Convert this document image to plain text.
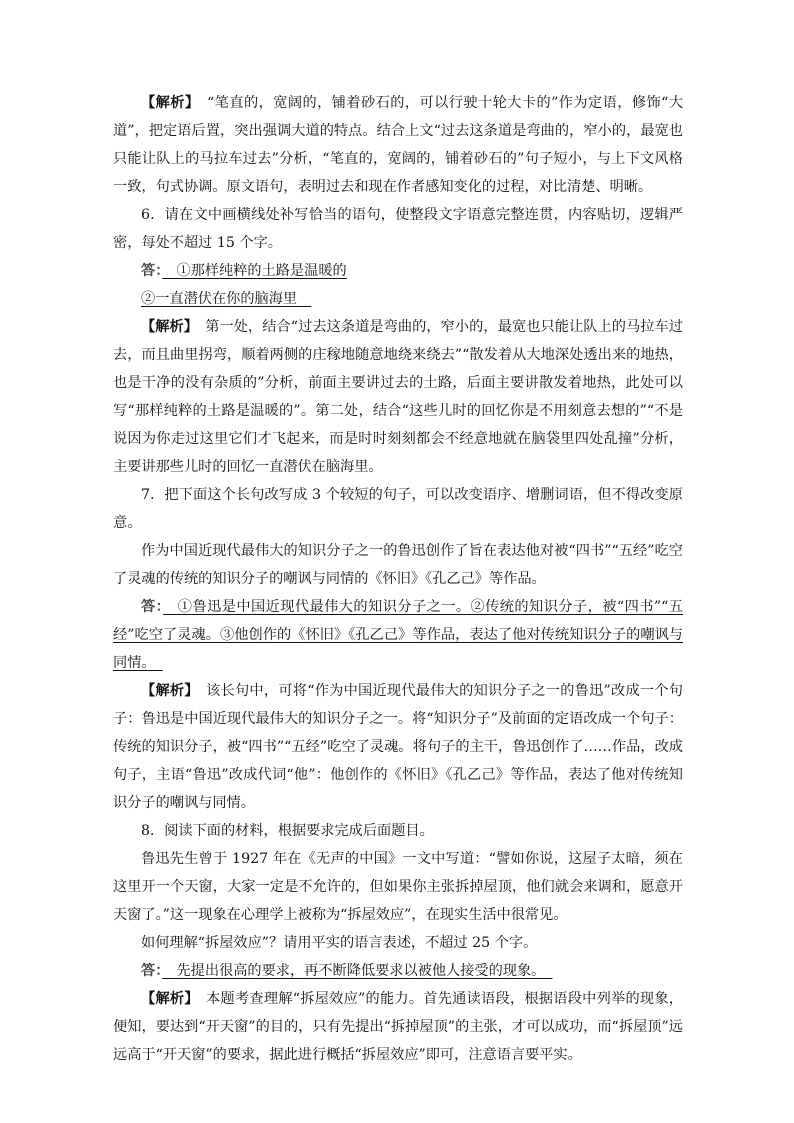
【解析】　“笔直的，宽阔的，铺着砂石的，可以行驶十轮大卡的”作为定语，修饰“大道”，把定语后置，突出强调大道的特点。结合上文“过去这条道是弯曲的，窄小的，最宽也只能让队上的马拉车过去”分析，“笔直的，宽阔的，铺着砂石的”句子短小，与上下文风格一致，句式协调。原文语句，表明过去和现在作者感知变化的过程，对比清楚、明晰。

6．请在文中画横线处补写恰当的语句，使整段文字语意完整连贯，内容贴切，逻辑严密，每处不超过 15 个字。

答：　①那样纯粹的土路是温暖的

②一直潜伏在你的脑海里　

【解析】　第一处，结合“过去这条道是弯曲的，窄小的，最宽也只能让队上的马拉车过去，而且曲里拐弯，顺着两侧的庄稼地随意地绕来绕去”“散发着从大地深处透出来的地热，也是干净的没有杂质的”分析，前面主要讲过去的土路，后面主要讲散发着地热，此处可以写“那样纯粹的土路是温暖的”。第二处，结合“这些儿时的回忆你是不用刻意去想的”“不是说因为你走过这里它们才飞起来，而是时时刻刻都会不经意地就在脑袋里四处乱撞”分析，主要讲那些儿时的回忆一直潜伏在脑海里。

7．把下面这个长句改写成 3 个较短的句子，可以改变语序、增删词语，但不得改变原意。

作为中国近现代最伟大的知识分子之一的鲁迅创作了旨在表达他对被“四书”“五经”吃空了灵魂的传统的知识分子的嘲讽与同情的《怀旧》《孔乙己》等作品。

答：　①鲁迅是中国近现代最伟大的知识分子之一。②传统的知识分子，被“四书”“五经”吃空了灵魂。③他创作的《怀旧》《孔乙己》等作品，表达了他对传统知识分子的嘲讽与同情。　

【解析】　该长句中，可将“作为中国近现代最伟大的知识分子之一的鲁迅”改成一个句子：鲁迅是中国近现代最伟大的知识分子之一。将“知识分子”及前面的定语改成一个句子：传统的知识分子，被“四书”“五经”吃空了灵魂。将句子的主干，鲁迅创作了……作品，改成句子，主语“鲁迅”改成代词“他”：他创作的《怀旧》《孔乙己》等作品，表达了他对传统知识分子的嘲讽与同情。

8．阅读下面的材料，根据要求完成后面题目。

鲁迅先生曾于 1927 年在《无声的中国》一文中写道：“譬如你说，这屋子太暗，须在这里开一个天窗，大家一定是不允许的，但如果你主张拆掉屋顶，他们就会来调和，愿意开天窗了。”这一现象在心理学上被称为“拆屋效应”，在现实生活中很常见。

如何理解“拆屋效应”？请用平实的语言表述，不超过 25 个字。

答：　先提出很高的要求，再不断降低要求以被他人接受的现象。　

【解析】　本题考查理解“拆屋效应”的能力。首先通读语段，根据语段中列举的现象，便知，要达到“开天窗”的目的，只有先提出“拆掉屋顶”的主张，才可以成功，而“拆屋顶”远远高于“开天窗”的要求，据此进行概括“拆屋效应”即可，注意语言要平实。
